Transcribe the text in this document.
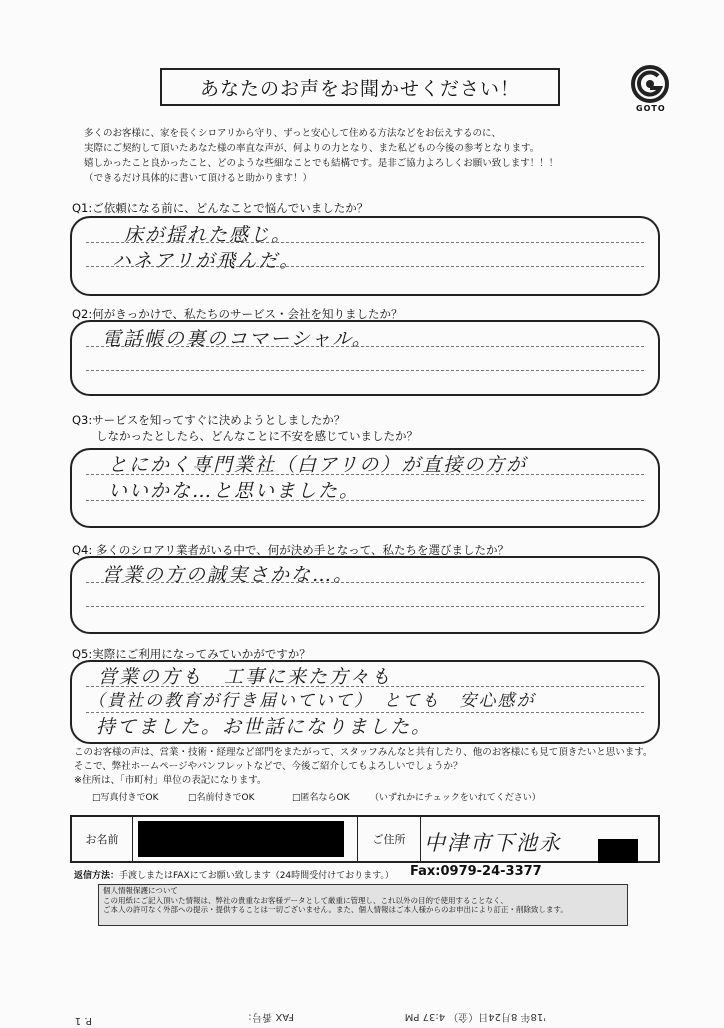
あなたのお声をお聞かせください！
GOTO
多くのお客様に、家を長くシロアリから守り、ずっと安心して住める方法などをお伝えするのに、
実際にご契約して頂いたあなた様の率直な声が、何よりの力となり、また私どもの今後の参考となります。
嬉しかったこと良かったこと、どのような些細なことでも結構です。是非ご協力よろしくお願い致します！！！
（できるだけ具体的に書いて頂けると助かります！）
Q1:ご依頼になる前に、どんなことで悩んでいましたか？
床が揺れた感じ。
ハネアリが飛んだ。
Q2:何がきっかけで、私たちのサービス・会社を知りましたか？
電話帳の裏のコマーシャル。
Q3:サービスを知ってすぐに決めようとしましたか？
しなかったとしたら、どんなことに不安を感じていましたか？
とにかく専門業社（白アリの）が直接の方が
いいかな…と思いました。
Q4: 多くのシロアリ業者がいる中で、何が決め手となって、私たちを選びましたか？
営業の方の誠実さかな…。
Q5:実際にご利用になってみていかがですか？
営業の方も　工事に来た方々も
（貴社の教育が行き届いていて）　とても　安心感が
持てました。お世話になりました。
このお客様の声は、営業・技術・経理など部門をまたがって、スタッフみんなと共有したり、他のお客様にも見て頂きたいと思います。
そこで、弊社ホームページやパンフレットなどで、今後ご紹介してもよろしいでしょうか？
※住所は、「市町村」単位の表記になります。
□写真付きでOK	□名前付きでOK	□匿名ならOK （いずれかにチェックをいれてください）
お名前	ご住所 中津市下池永
返信方法：手渡しまたはFAXにてお願い致します（24時間受付けております。） Fax:0979-24-3377
個人情報保護について
この用紙にご記入頂いた情報は、弊社の貴重なお客様データとして厳重に管理し、これ以外の目的で使用することなく、
ご本人の許可なく外部への提示・提供することは一切ございません。また、個人情報はご本人様からのお申出により訂正・削除致します。
'18年 8月24日（金） 4:37 PM
FAX 番号：
P. 1
